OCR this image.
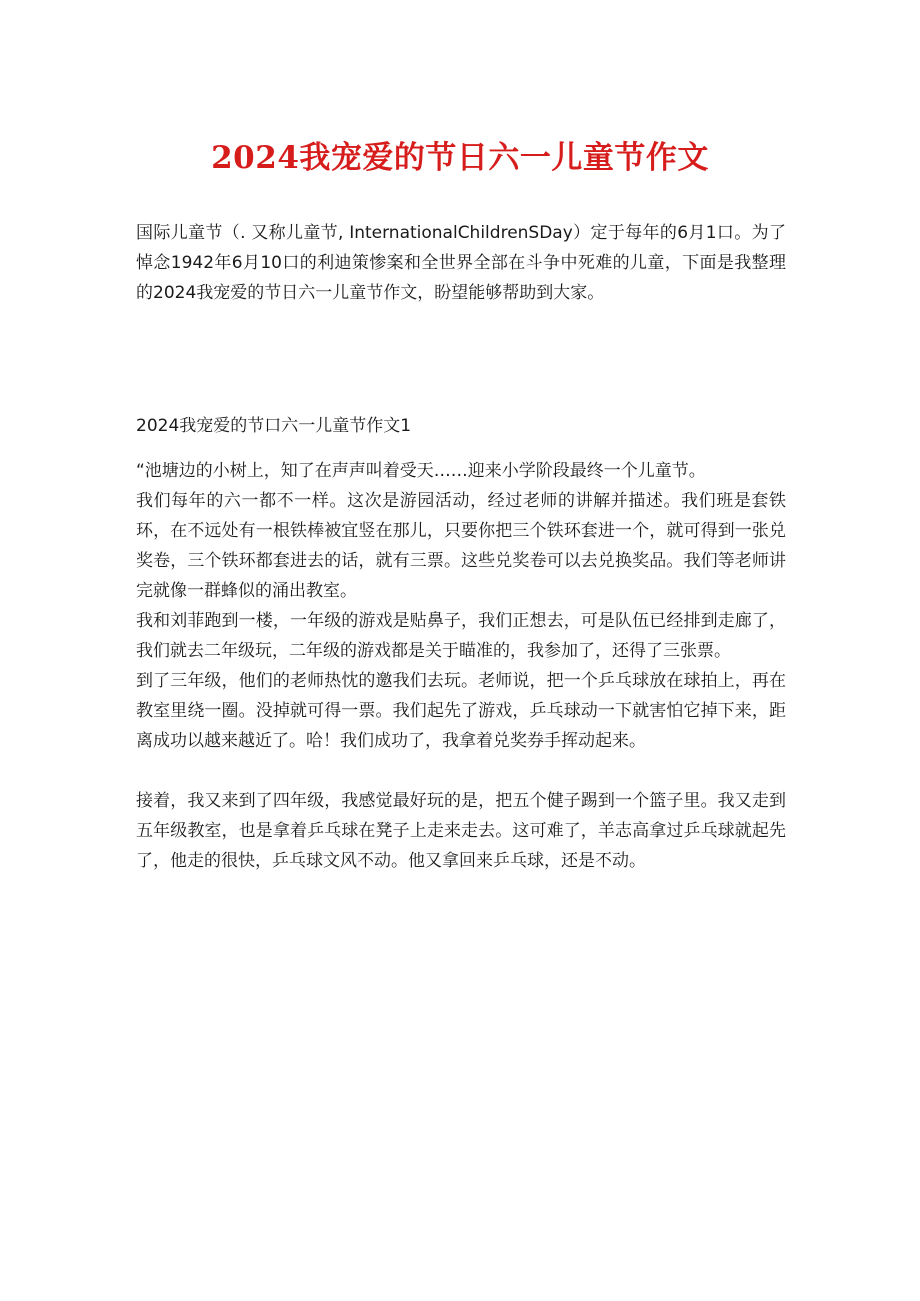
2024我宠爱的节日六一儿童节作文
国际儿童节（. 又称儿童节, InternationalChildrenSDay）定于每年的6月1口。为了悼念1942年6月10口的利迪策惨案和全世界全部在斗争中死难的儿童，下面是我整理的2024我宠爱的节日六一儿童节作文，盼望能够帮助到大家。
2024我宠爱的节口六一儿童节作文1

“池塘边的小树上，知了在声声叫着受天……迎来小学阶段最终一个儿童节。

我们每年的六一都不一样。这次是游园活动，经过老师的讲解并描述。我们班是套铁环，在不远处有一根铁棒被宜竖在那儿，只要你把三个铁环套进一个，就可得到一张兑奖卷，三个铁环都套进去的话，就有三票。这些兑奖卷可以去兑换奖品。我们等老师讲完就像一群蜂似的涌出教室。

我和刘菲跑到一楼，一年级的游戏是贴鼻子，我们正想去，可是队伍已经排到走廊了，我们就去二年级玩，二年级的游戏都是关于瞄准的，我参加了，还得了三张票。

到了三年级，他们的老师热忱的邀我们去玩。老师说，把一个乒乓球放在球拍上，再在教室里绕一圈。没掉就可得一票。我们起先了游戏，乒乓球动一下就害怕它掉下来，距离成功以越来越近了。哈！我们成功了，我拿着兑奖券手挥动起来。

接着，我又来到了四年级，我感觉最好玩的是，把五个健子踢到一个篮子里。我又走到五年级教室，也是拿着乒乓球在凳子上走来走去。这可难了，羊志高拿过乒乓球就起先了，他走的很快，乒乓球文风不动。他又拿回来乒乓球，还是不动。
